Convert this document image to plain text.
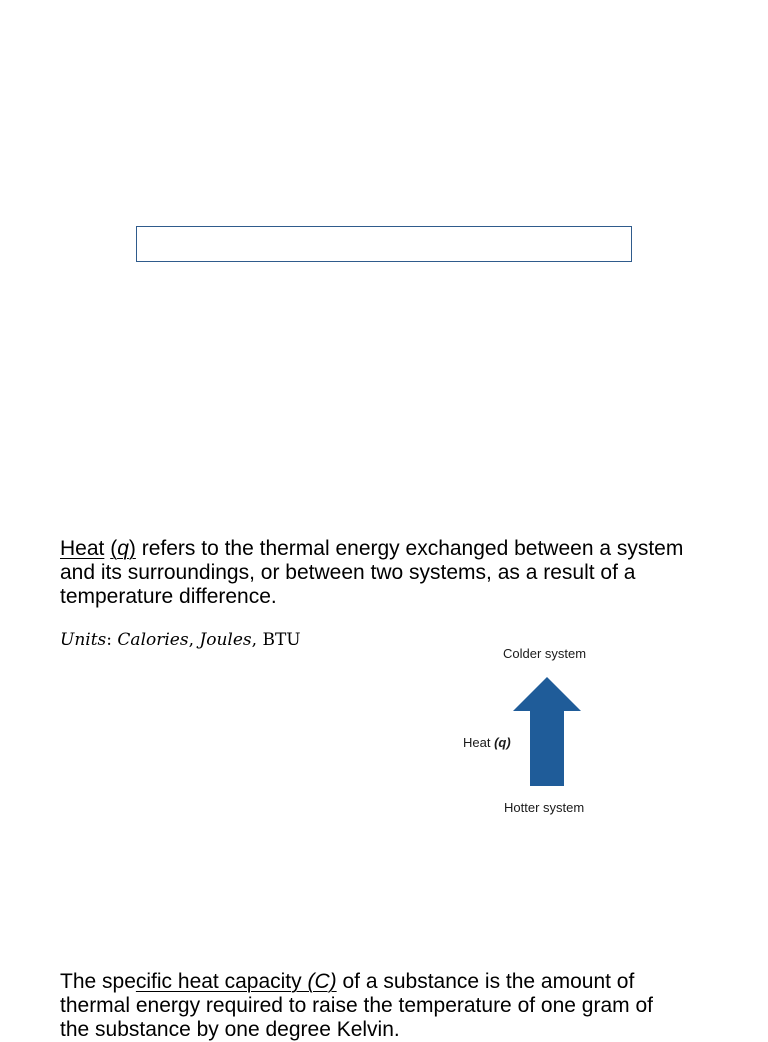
Heat (q) refers to the thermal energy exchanged between a system and its surroundings, or between two systems, as a result of a temperature difference.

Units: Calories, Joules, BTU
Colder system
Heat (q)
Hotter system

The specific heat capacity (C) of a substance is the amount of
thermal energy required to raise the temperature of one gram of
the substance by one degree Kelvin.
